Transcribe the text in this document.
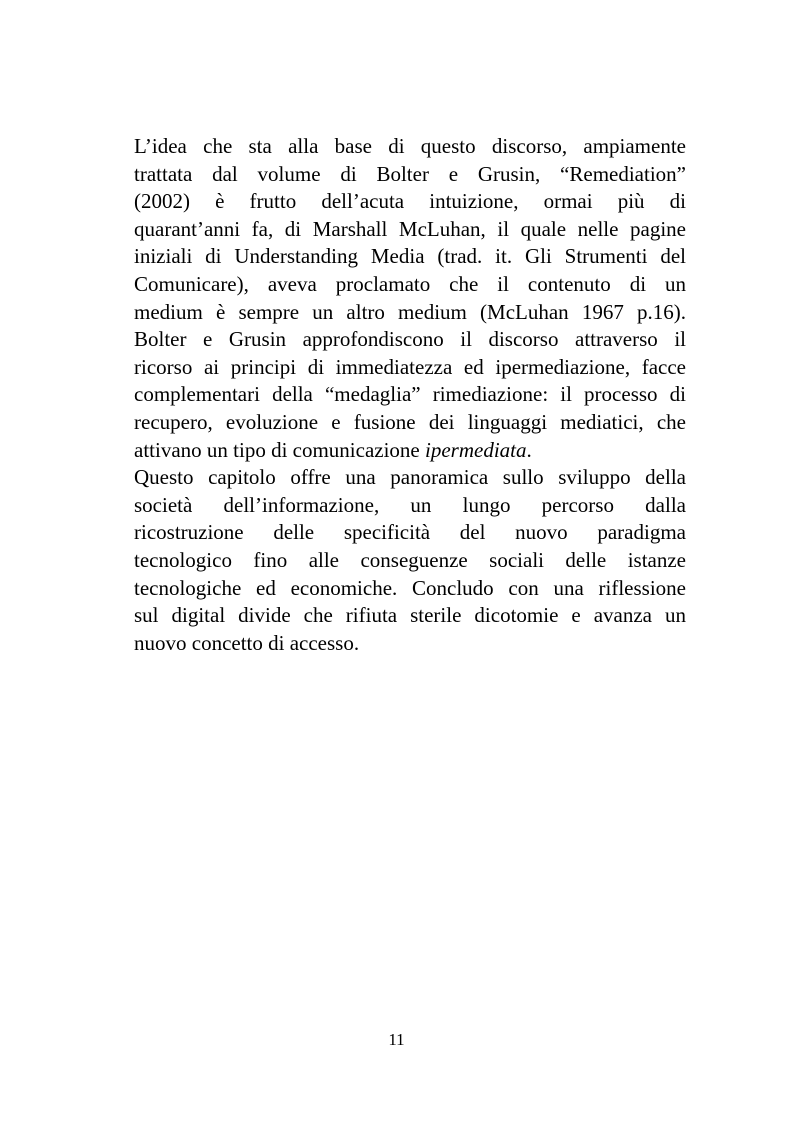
L’idea che sta alla base di questo discorso, ampiamente
trattata dal volume di Bolter e Grusin, “Remediation”
(2002) è frutto dell’acuta intuizione, ormai più di
quarant’anni fa, di Marshall McLuhan, il quale nelle pagine
iniziali di Understanding Media (trad. it. Gli Strumenti del
Comunicare), aveva proclamato che il contenuto di un
medium è sempre un altro medium (McLuhan 1967 p.16).
Bolter e Grusin approfondiscono il discorso attraverso il
ricorso ai principi di immediatezza ed ipermediazione, facce
complementari della “medaglia” rimediazione: il processo di
recupero, evoluzione e fusione dei linguaggi mediatici, che
attivano un tipo di comunicazione ipermediata.
Questo capitolo offre una panoramica sullo sviluppo della
società dell’informazione, un lungo percorso dalla
ricostruzione delle specificità del nuovo paradigma
tecnologico fino alle conseguenze sociali delle istanze
tecnologiche ed economiche. Concludo con una riflessione
sul digital divide che rifiuta sterile dicotomie e avanza un
nuovo concetto di accesso.
11
